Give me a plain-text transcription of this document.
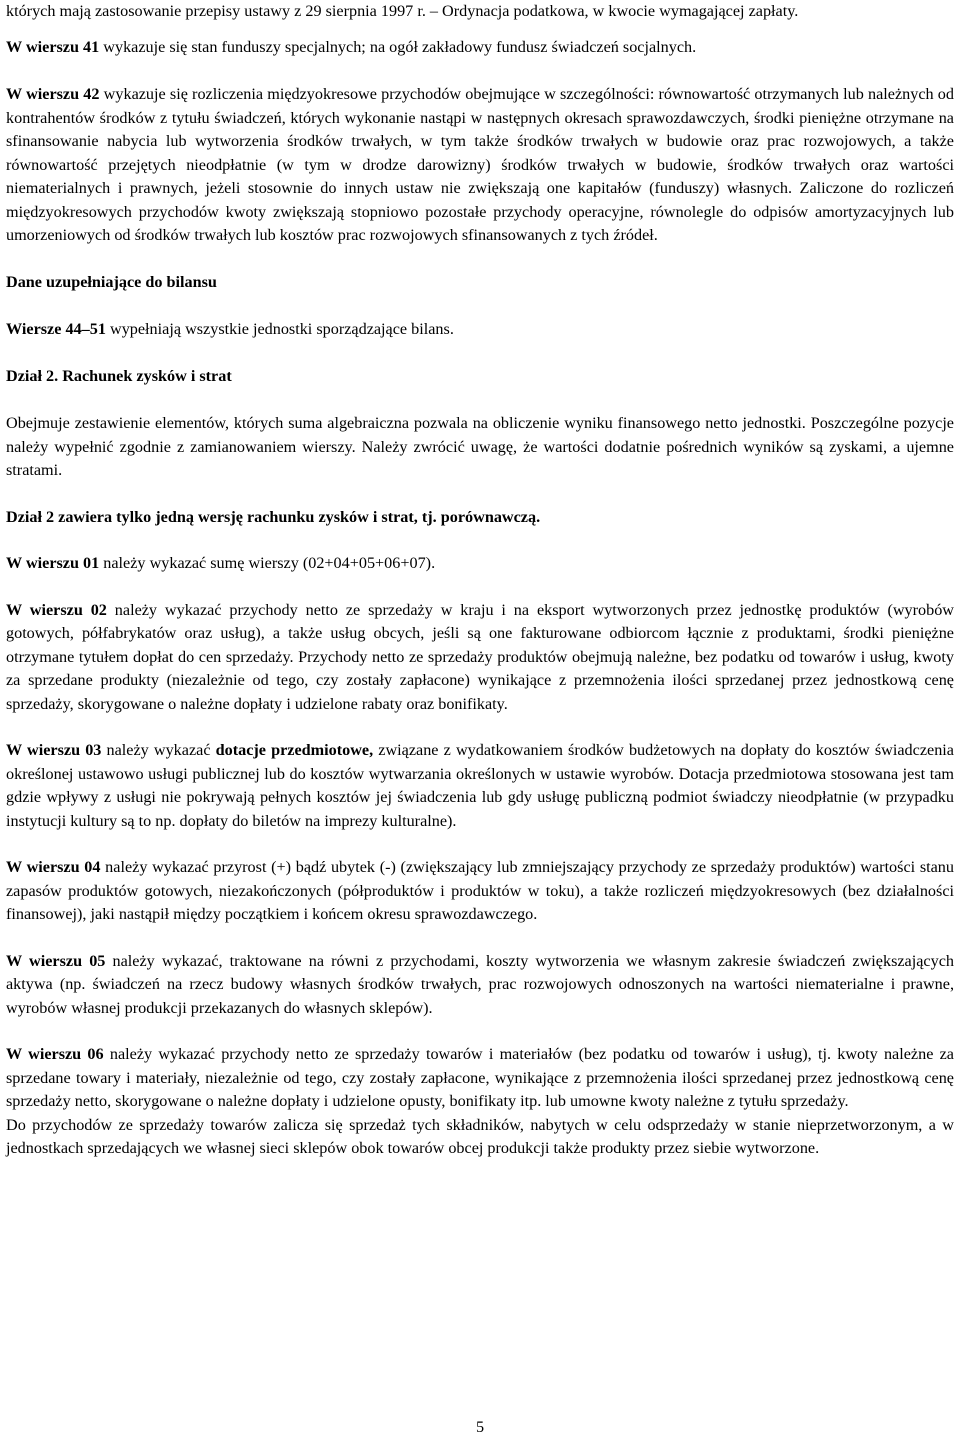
których mają zastosowanie przepisy ustawy z 29 sierpnia 1997 r. – Ordynacja podatkowa, w kwocie wymagającej zapłaty.

W wierszu 41 wykazuje się stan funduszy specjalnych; na ogół zakładowy fundusz świadczeń socjalnych.

W wierszu 42 wykazuje się rozliczenia międzyokresowe przychodów obejmujące w szczególności: równowartość otrzymanych lub należnych od kontrahentów środków z tytułu świadczeń, których wykonanie nastąpi w następnych okresach sprawozdawczych, środki pieniężne otrzymane na sfinansowanie nabycia lub wytworzenia środków trwałych, w tym także środków trwałych w budowie oraz prac rozwojowych, a także równowartość przejętych nieodpłatnie (w tym w drodze darowizny) środków trwałych w budowie, środków trwałych oraz wartości niematerialnych i prawnych, jeżeli stosownie do innych ustaw nie zwiększają one kapitałów (funduszy) własnych. Zaliczone do rozliczeń międzyokresowych przychodów kwoty zwiększają stopniowo pozostałe przychody operacyjne, równolegle do odpisów amortyzacyjnych lub umorzeniowych od środków trwałych lub kosztów prac rozwojowych sfinansowanych z tych źródeł.

Dane uzupełniające do bilansu

Wiersze 44–51 wypełniają wszystkie jednostki sporządzające bilans.

Dział 2. Rachunek zysków i strat

Obejmuje zestawienie elementów, których suma algebraiczna pozwala na obliczenie wyniku finansowego netto jednostki. Poszczególne pozycje należy wypełnić zgodnie z zamianowaniem wierszy. Należy zwrócić uwagę, że wartości dodatnie pośrednich wyników są zyskami, a ujemne stratami.

Dział 2 zawiera tylko jedną wersję rachunku zysków i strat, tj. porównawczą.

W wierszu 01 należy wykazać sumę wierszy (02+04+05+06+07).

W wierszu 02 należy wykazać przychody netto ze sprzedaży w kraju i na eksport wytworzonych przez jednostkę produktów (wyrobów gotowych, półfabrykatów oraz usług), a także usług obcych, jeśli są one fakturowane odbiorcom łącznie z produktami, środki pieniężne otrzymane tytułem dopłat do cen sprzedaży. Przychody netto ze sprzedaży produktów obejmują należne, bez podatku od towarów i usług, kwoty za sprzedane produkty (niezależnie od tego, czy zostały zapłacone) wynikające z przemnożenia ilości sprzedanej przez jednostkową cenę sprzedaży, skorygowane o należne dopłaty i udzielone rabaty oraz bonifikaty.

W wierszu 03 należy wykazać dotacje przedmiotowe, związane z wydatkowaniem środków budżetowych na dopłaty do kosztów świadczenia określonej ustawowo usługi publicznej lub do kosztów wytwarzania określonych w ustawie wyrobów. Dotacja przedmiotowa stosowana jest tam gdzie wpływy z usługi nie pokrywają pełnych kosztów jej świadczenia lub gdy usługę publiczną podmiot świadczy nieodpłatnie (w przypadku instytucji kultury są to np. dopłaty do biletów na imprezy kulturalne).

W wierszu 04 należy wykazać przyrost (+) bądź ubytek (-) (zwiększający lub zmniejszający przychody ze sprzedaży produktów) wartości stanu zapasów produktów gotowych, niezakończonych (półproduktów i produktów w toku), a także rozliczeń międzyokresowych (bez działalności finansowej), jaki nastąpił między początkiem i końcem okresu sprawozdawczego.

W wierszu 05 należy wykazać, traktowane na równi z przychodami, koszty wytworzenia we własnym zakresie świadczeń zwiększających aktywa (np. świadczeń na rzecz budowy własnych środków trwałych, prac rozwojowych odnoszonych na wartości niematerialne i prawne, wyrobów własnej produkcji przekazanych do własnych sklepów).

W wierszu 06 należy wykazać przychody netto ze sprzedaży towarów i materiałów (bez podatku od towarów i usług), tj. kwoty należne za sprzedane towary i materiały, niezależnie od tego, czy zostały zapłacone, wynikające z przemnożenia ilości sprzedanej przez jednostkową cenę sprzedaży netto, skorygowane o należne dopłaty i udzielone opusty, bonifikaty itp. lub umowne kwoty należne z tytułu sprzedaży.

Do przychodów ze sprzedaży towarów zalicza się sprzedaż tych składników, nabytych w celu odsprzedaży w stanie nieprzetworzonym, a w jednostkach sprzedających we własnej sieci sklepów obok towarów obcej produkcji także produkty przez siebie wytworzone.

5
